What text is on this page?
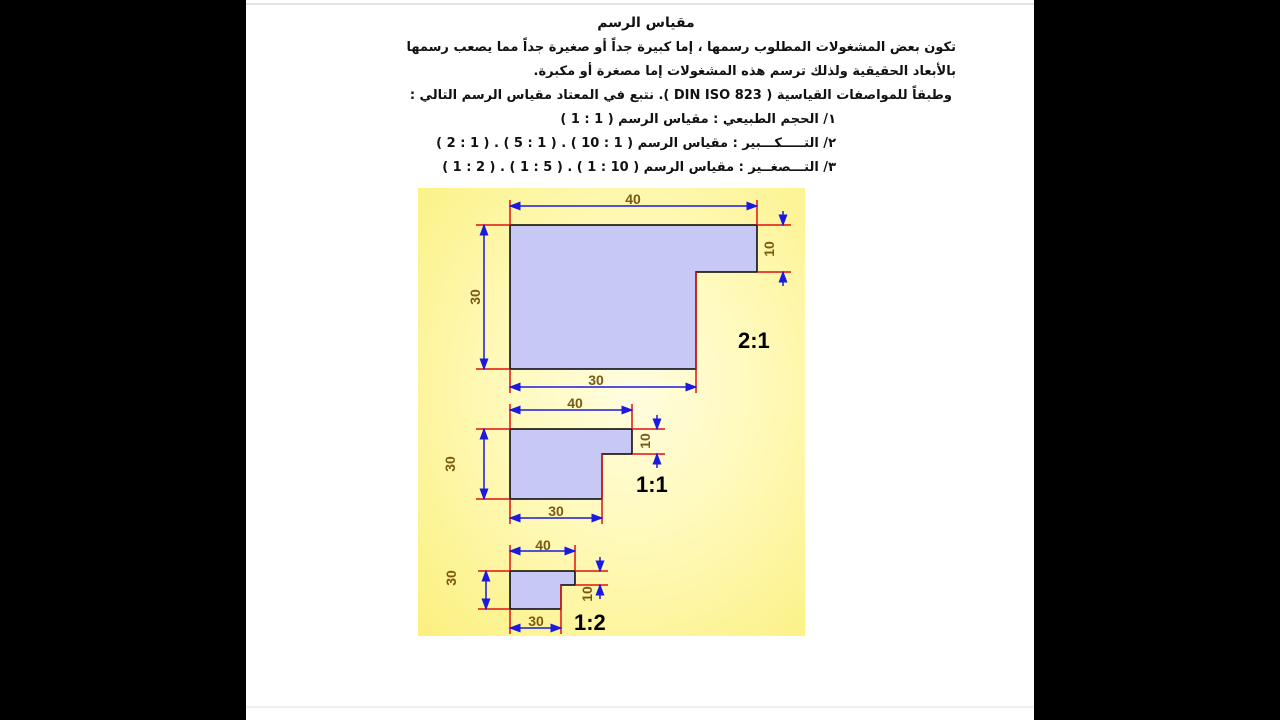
مقياس الرسم
تكون بعض المشغولات المطلوب رسمها ، إما كبيرة جداً أو صغيرة جداً مما يصعب رسمها
بالأبعاد الحقيقية ولذلك ترسم هذه المشغولات إما مصغرة أو مكبرة.
وطبقاً للمواصفات القياسية ( DIN ISO 823 ). نتبع في المعتاد مقياس الرسم التالي :
١/ الحجم الطبيعي : مقياس الرسم ( 1 : 1 )
٢/ التـــــكـــبير : مقياس الرسم ( 1 : 10 ) . ( 1 : 5 ) . ( 1 : 2 )
٣/ التـــصغــير : مقياس الرسم ( 10 : 1 ) . ( 5 : 1 ) . ( 2 : 1 )
40
30
30
10
40
30
30
10
40
30
30
10
2:1
1:1
1:2
